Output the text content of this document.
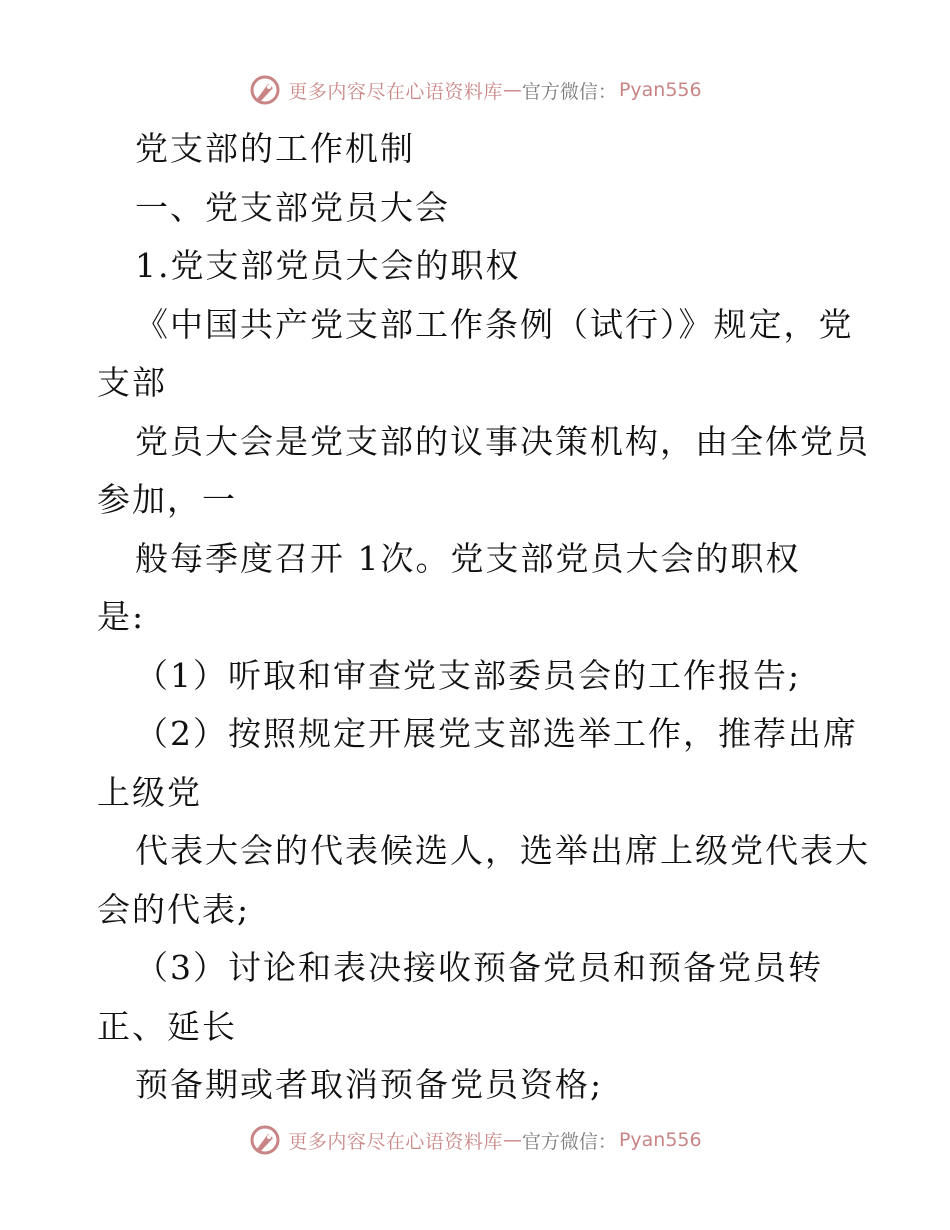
更多内容尽在心语资料库 — 官方微信： Pyan556
党支部的工作机制
一、党支部党员大会
1.党支部党员大会的职权
《中国共产党支部工作条例（试行）》规定，党
支部
党员大会是党支部的议事决策机构，由全体党员
参加，一
般每季度召开 1次。党支部党员大会的职权
是:
（1）听取和审查党支部委员会的工作报告;
（2）按照规定开展党支部选举工作，推荐出席
上级党
代表大会的代表候选人，选举出席上级党代表大
会的代表;
（3）讨论和表决接收预备党员和预备党员转
正、延长
预备期或者取消预备党员资格;
更多内容尽在心语资料库 — 官方微信： Pyan556
